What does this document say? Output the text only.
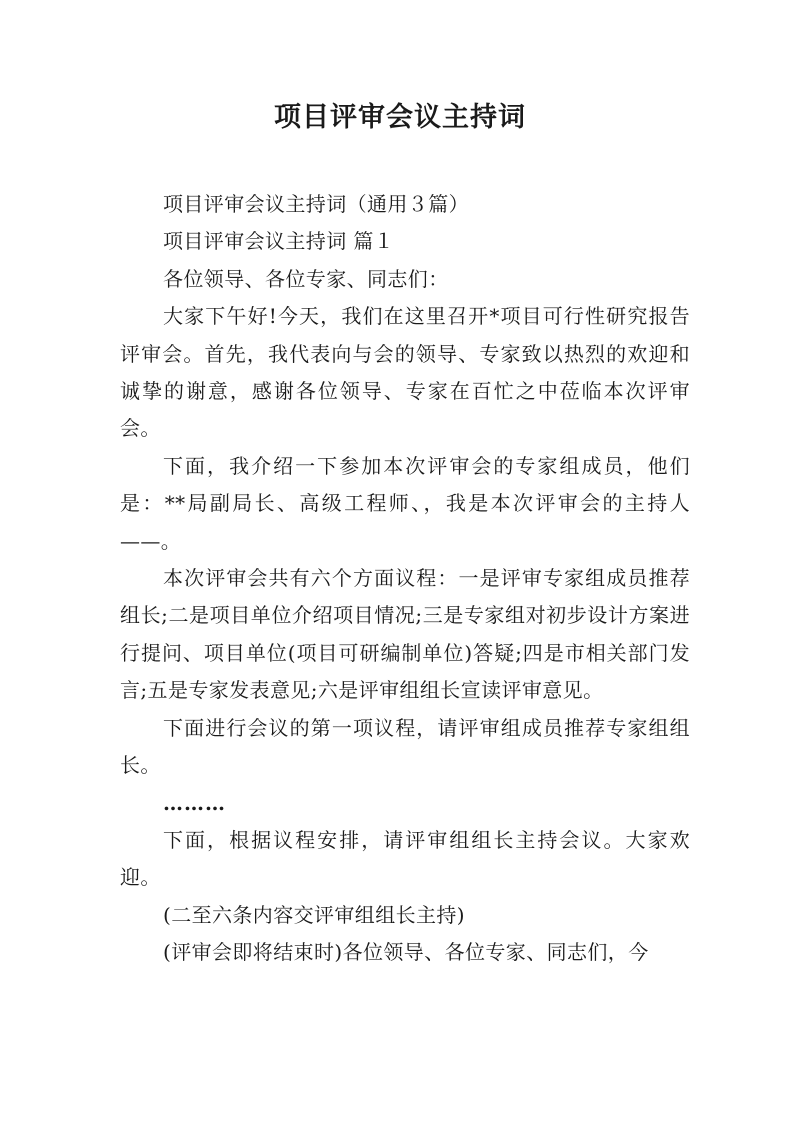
项目评审会议主持词

项目评审会议主持词（通用３篇）

项目评审会议主持词 篇１

各位领导、各位专家、同志们：

大家下午好!今天，我们在这里召开*项目可行性研究报告评审会。首先，我代表向与会的领导、专家致以热烈的欢迎和诚挚的谢意，感谢各位领导、专家在百忙之中莅临本次评审会。

下面，我介绍一下参加本次评审会的专家组成员，他们是：**局副局长、高级工程师、，我是本次评审会的主持人——。

本次评审会共有六个方面议程：一是评审专家组成员推荐组长;二是项目单位介绍项目情况;三是专家组对初步设计方案进行提问、项目单位(项目可研编制单位)答疑;四是市相关部门发言;五是专家发表意见;六是评审组组长宣读评审意见。

下面进行会议的第一项议程，请评审组成员推荐专家组组长。

………

下面，根据议程安排，请评审组组长主持会议。大家欢迎。

(二至六条内容交评审组组长主持)

(评审会即将结束时)各位领导、各位专家、同志们，今
